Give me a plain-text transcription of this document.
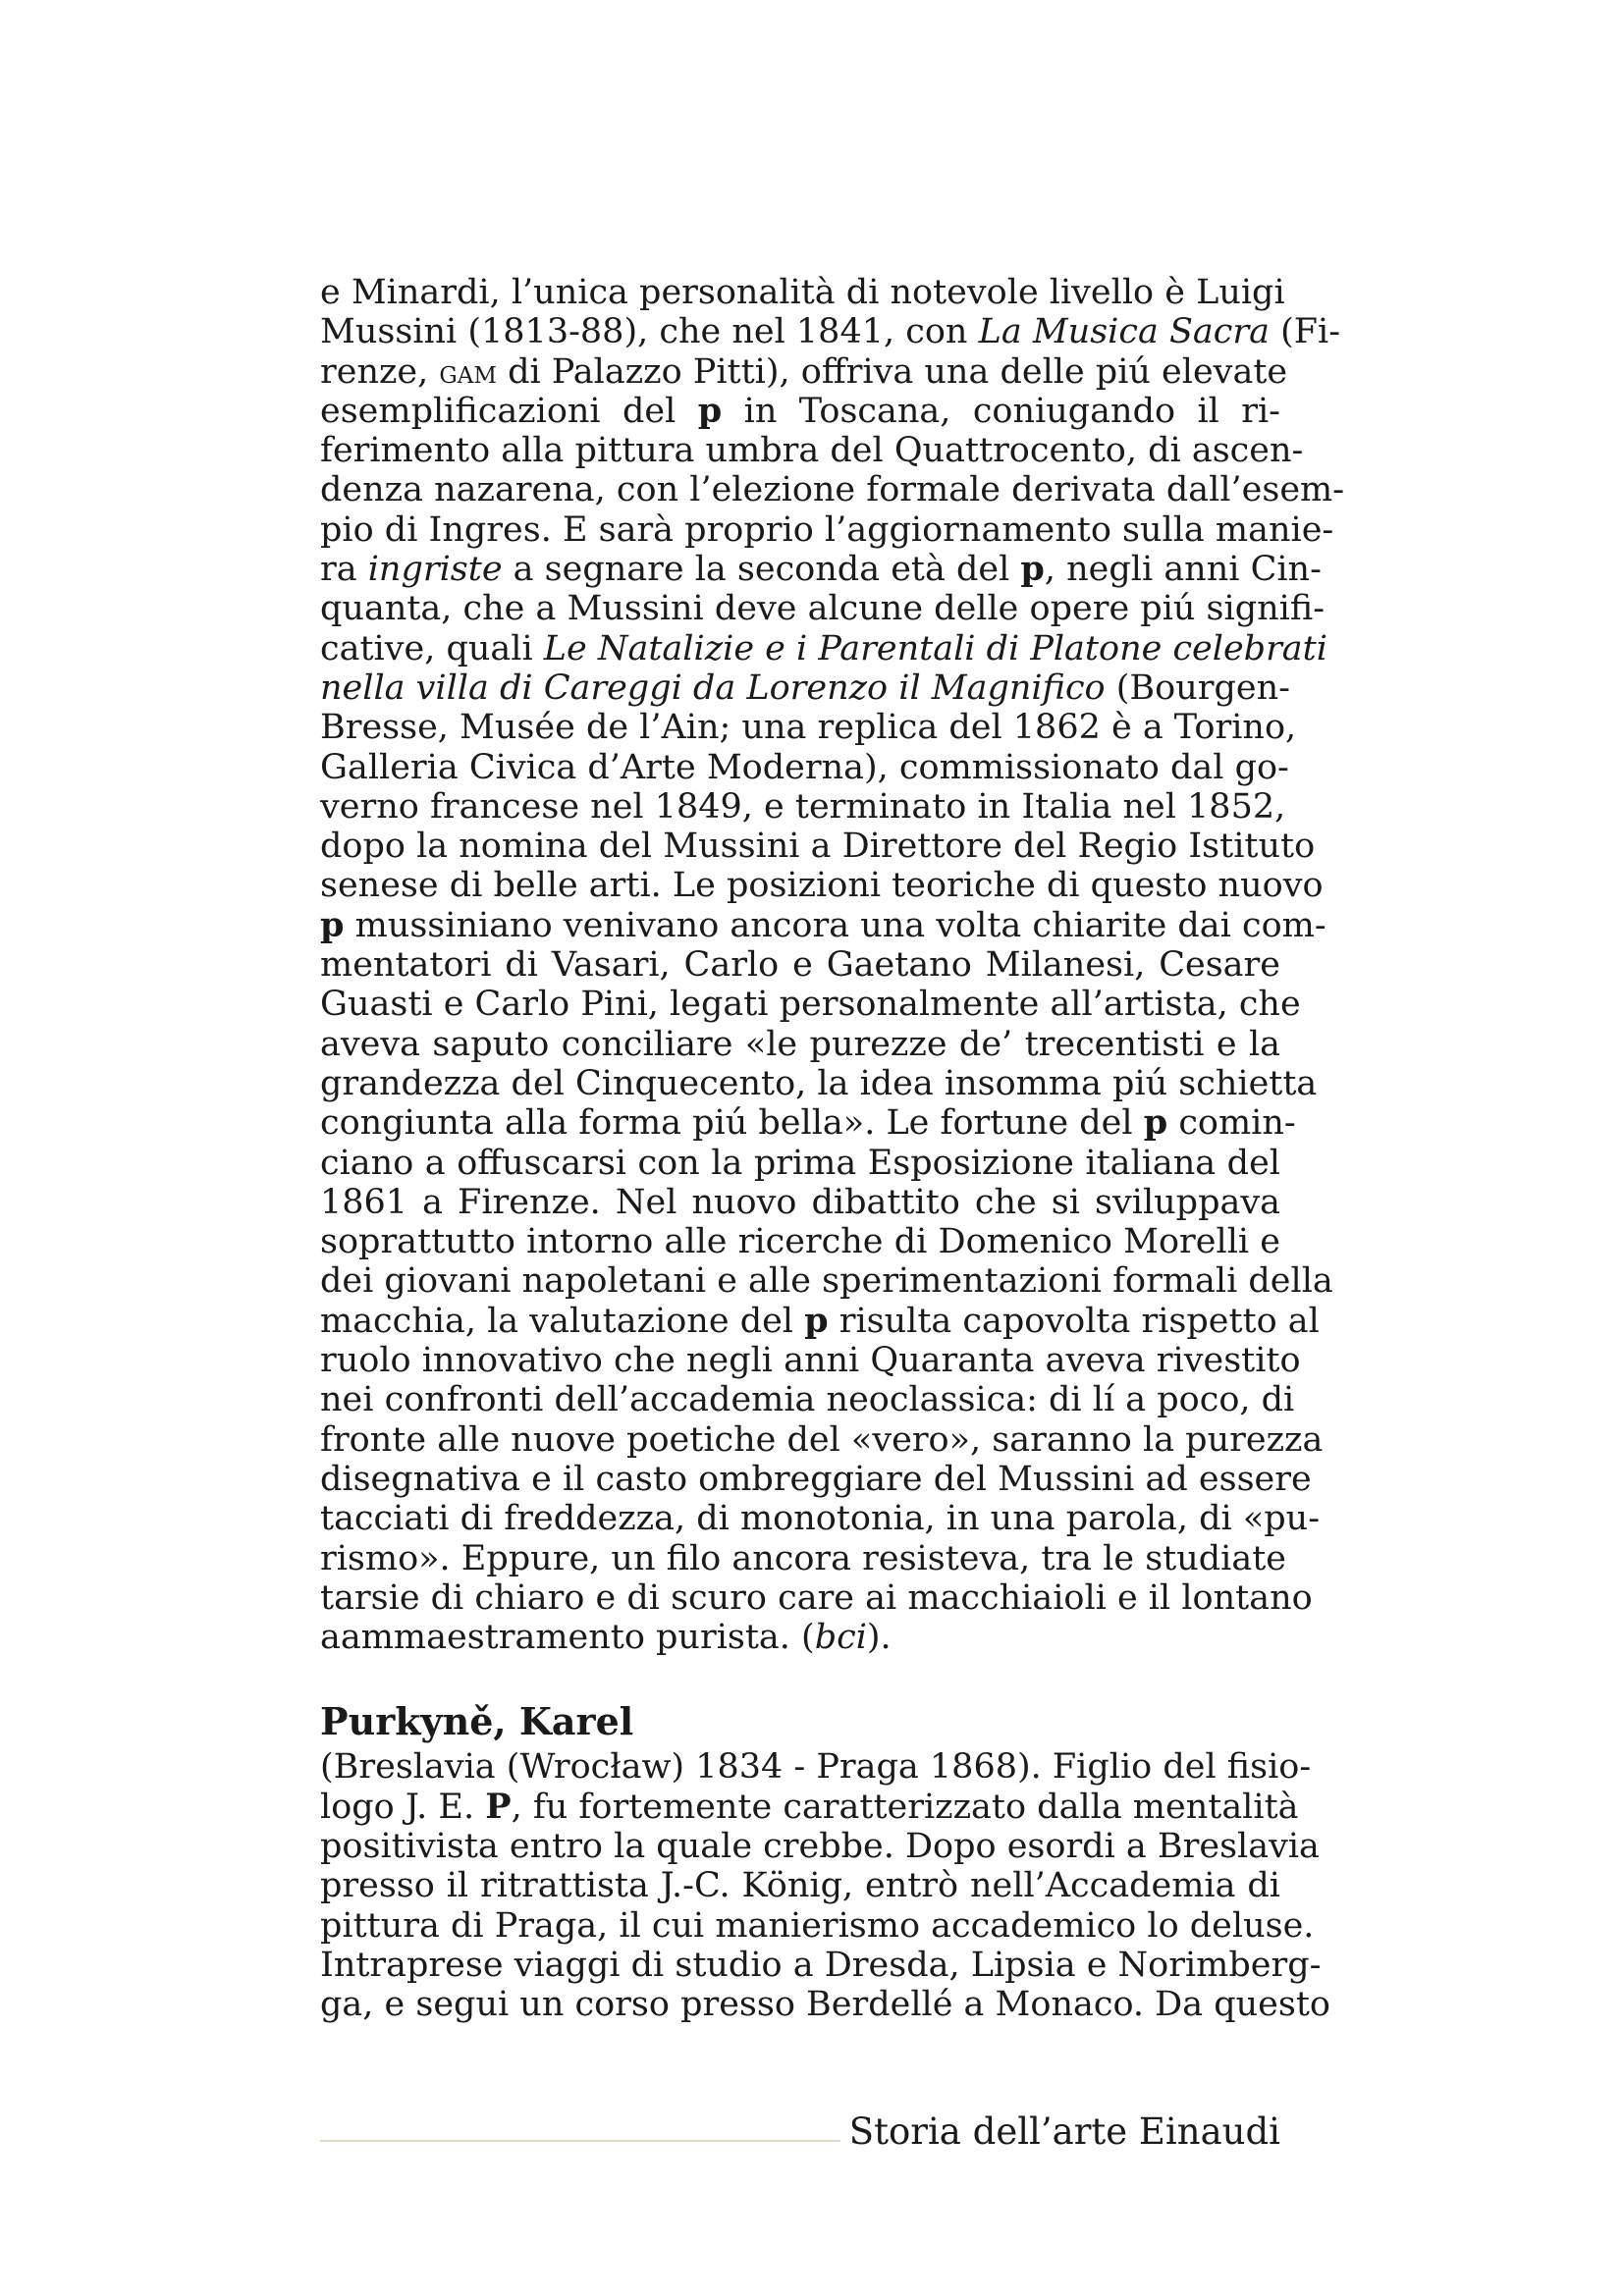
e Minardi, l’unica personalità di notevole livello è Luigi
Mussini (1813-88), che nel 1841, con La Musica Sacra (Fi-
renze, gam di Palazzo Pitti), offriva una delle piú elevate
esemplificazioni del p in Toscana, coniugando il ri-
ferimento alla pittura umbra del Quattrocento, di ascen-
denza nazarena, con l’elezione formale derivata dall’esem-
pio di Ingres. E sarà proprio l’aggiornamento sulla manie-
ra ingriste a segnare la seconda età del p, negli anni Cin-
quanta, che a Mussini deve alcune delle opere piú signifi-
cative, quali Le Natalizie e i Parentali di Platone celebrati
nella villa di Careggi da Lorenzo il Magnifico (Bourgen-
Bresse, Musée de l’Ain; una replica del 1862 è a Torino,
Galleria Civica d’Arte Moderna), commissionato dal go-
verno francese nel 1849, e terminato in Italia nel 1852,
dopo la nomina del Mussini a Direttore del Regio Istituto
senese di belle arti. Le posizioni teoriche di questo nuovo
p mussiniano venivano ancora una volta chiarite dai com-
mentatori di Vasari, Carlo e Gaetano Milanesi, Cesare
Guasti e Carlo Pini, legati personalmente all’artista, che
aveva saputo conciliare «le purezze de’ trecentisti e la
grandezza del Cinquecento, la idea insomma piú schietta
congiunta alla forma piú bella». Le fortune del p comin-
ciano a offuscarsi con la prima Esposizione italiana del
1861 a Firenze. Nel nuovo dibattito che si sviluppava
soprattutto intorno alle ricerche di Domenico Morelli e
dei giovani napoletani e alle sperimentazioni formali della
macchia, la valutazione del p risulta capovolta rispetto al
ruolo innovativo che negli anni Quaranta aveva rivestito
nei confronti dell’accademia neoclassica: di lí a poco, di
fronte alle nuove poetiche del «vero», saranno la purezza
disegnativa e il casto ombreggiare del Mussini ad essere
tacciati di freddezza, di monotonia, in una parola, di «pu-
rismo». Eppure, un filo ancora resisteva, tra le studiate
tarsie di chiaro e di scuro care ai macchiaioli e il lontano
aammaestramento purista. (bci).
Purkyně, Karel
(Breslavia (Wrocław) 1834 - Praga 1868). Figlio del fisio-
logo J. E. P, fu fortemente caratterizzato dalla mentalità
positivista entro la quale crebbe. Dopo esordi a Breslavia
presso il ritrattista J.-C. König, entrò nell’Accademia di
pittura di Praga, il cui manierismo accademico lo deluse.
Intraprese viaggi di studio a Dresda, Lipsia e Norimberg-
ga, e segui un corso presso Berdellé a Monaco. Da questo
Storia dell’arte Einaudi
